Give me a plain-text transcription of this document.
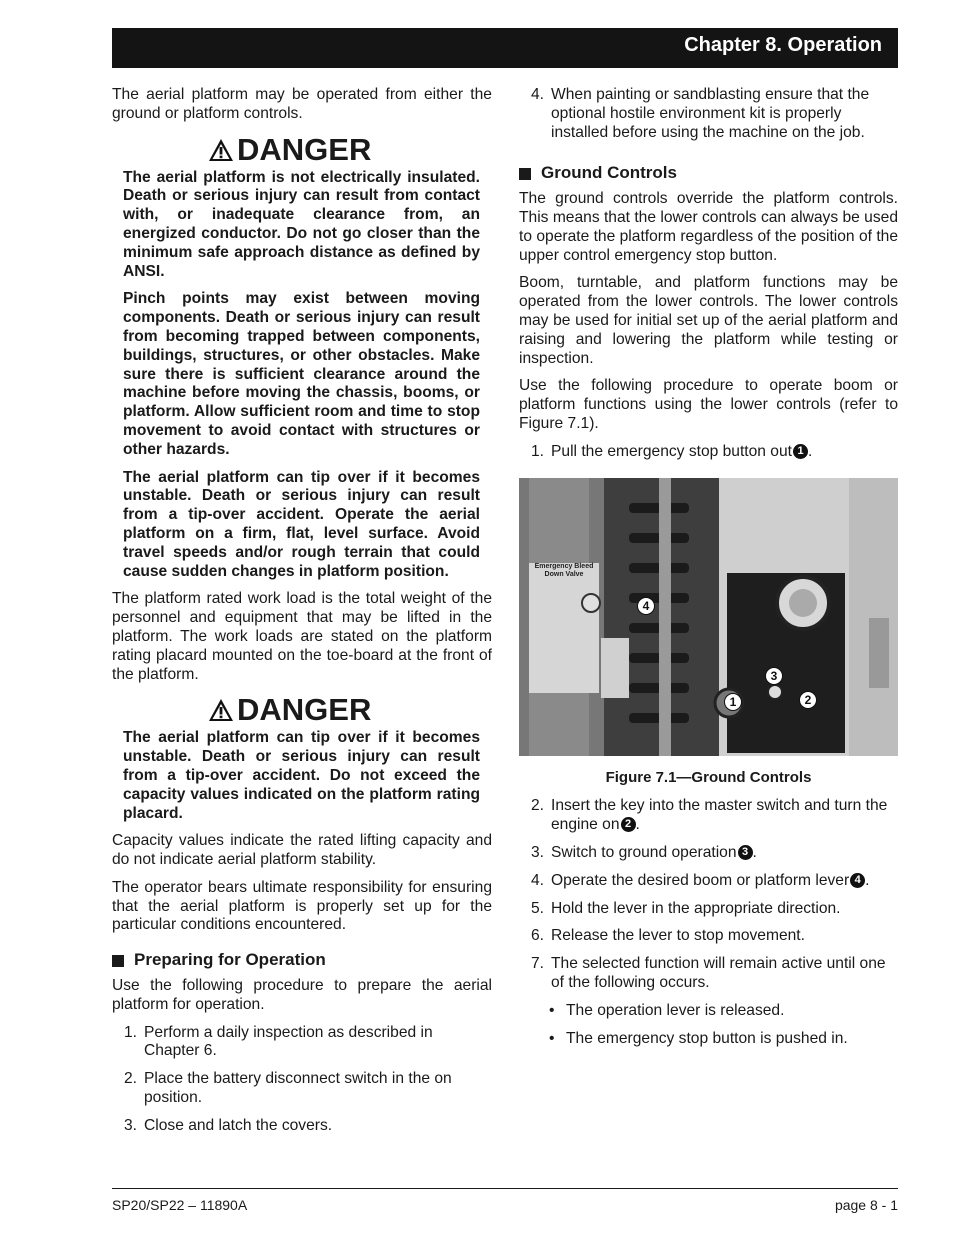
Chapter 8. Operation

The aerial platform may be operated from either the ground or platform controls.

DANGER

The aerial platform is not electrically insulated. Death or serious injury can result from contact with, or inadequate clearance from, an energized conductor. Do not go closer than the minimum safe approach distance as defined by ANSI.

Pinch points may exist between moving components. Death or serious injury can result from becoming trapped between components, buildings, structures, or other obstacles. Make sure there is sufficient clearance around the machine before moving the chassis, booms, or platform. Allow sufficient room and time to stop movement to avoid contact with structures or other hazards.

The aerial platform can tip over if it becomes unstable. Death or serious injury can result from a tip-over accident. Operate the aerial platform on a firm, flat, level surface. Avoid travel speeds and/or rough terrain that could cause sudden changes in platform position.

The platform rated work load is the total weight of the personnel and equipment that may be lifted in the platform. The work loads are stated on the platform rating placard mounted on the toe-board at the front of the platform.

DANGER

The aerial platform can tip over if it becomes unstable. Death or serious injury can result from a tip-over accident. Do not exceed the capacity values indicated on the platform rating placard.

Capacity values indicate the rated lifting capacity and do not indicate aerial platform stability.

The operator bears ultimate responsibility for ensuring that the aerial platform is properly set up for the particular conditions encountered.

Preparing for Operation

Use the following procedure to prepare the aerial platform for operation.

1. Perform a daily inspection as described in Chapter 6.
2. Place the battery disconnect switch in the on position.
3. Close and latch the covers.
4. When painting or sandblasting ensure that the optional hostile environment kit is properly installed before using the machine on the job.
Ground Controls

The ground controls override the platform controls. This means that the lower controls can always be used to operate the platform regardless of the position of the upper control emergency stop button.

Boom, turntable, and platform functions may be operated from the lower controls. The lower controls may be used for initial set up of the aerial platform and raising and lowering the platform while testing or inspection.

Use the following procedure to operate boom or platform functions using the lower controls (refer to Figure 7.1).

1. Pull the emergency stop button out 1 .
Emergency Bleed Down Valve
4
3
1	2
Figure 7.1—Ground Controls
2. Insert the key into the master switch and turn the engine on 2 .
3. Switch to ground operation 3 .
4. Operate the desired boom or platform lever 4 .
5. Hold the lever in the appropriate direction.
6. Release the lever to stop movement.
7. The selected function will remain active until one of the following occurs.
• The operation lever is released.
• The emergency stop button is pushed in.
SP20/SP22 – 11890A	page 8 - 1
